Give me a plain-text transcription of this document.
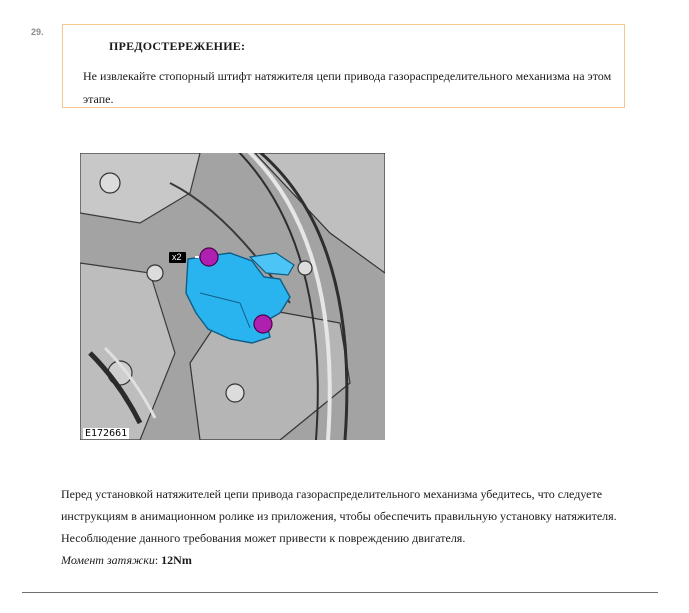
29.

ПРЕДОСТЕРЕЖЕНИЕ:

Не извлекайте стопорный штифт натяжителя цепи привода газораспределительного механизма на этом этапе.

x2
E172661

Перед установкой натяжителей цепи привода газораспределительного механизма убедитесь, что следуете инструкциям в анимационном ролике из приложения, чтобы обеспечить правильную установку натяжителя. Несоблюдение данного требования может привести к повреждению двигателя.

Момент затяжки: 12Nm
